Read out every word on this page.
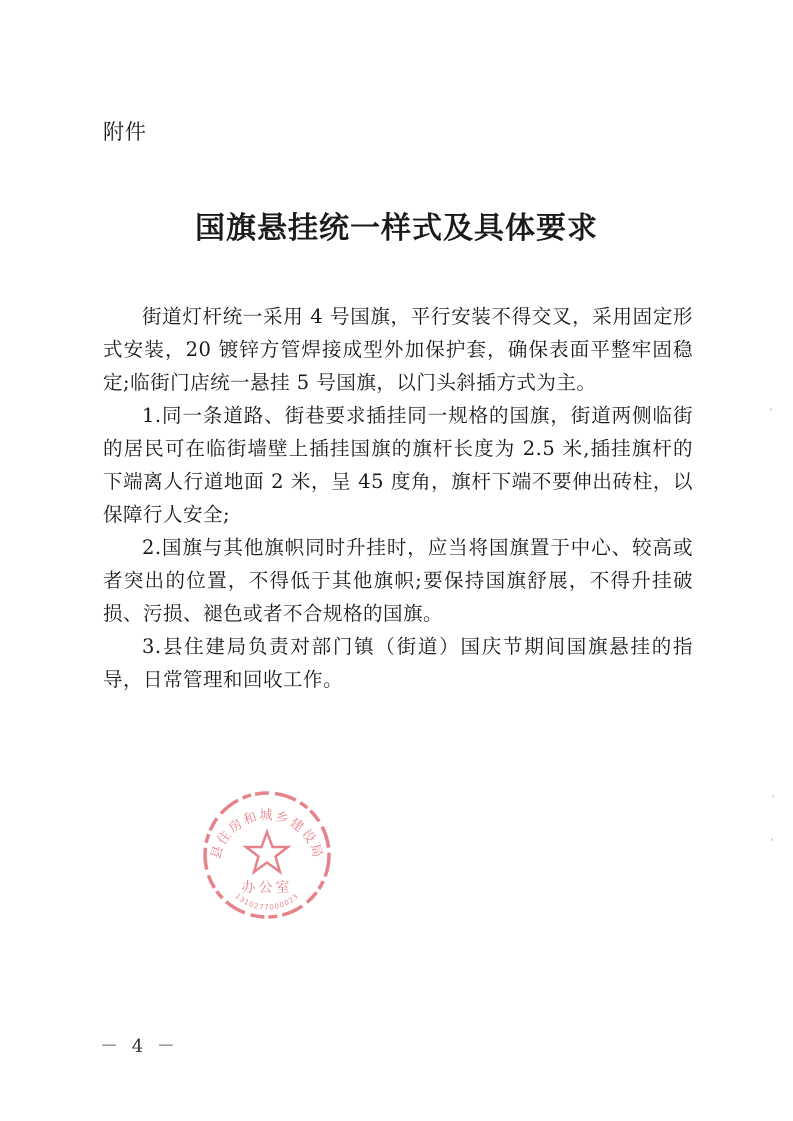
附件
国旗悬挂统一样式及具体要求

街道灯杆统一采用 4 号国旗，平行安装不得交叉，采用固定形式安装，20 镀锌方管焊接成型外加保护套，确保表面平整牢固稳定;临街门店统一悬挂 5 号国旗，以门头斜插方式为主。

1.同一条道路、街巷要求插挂同一规格的国旗，街道两侧临街的居民可在临街墙壁上插挂国旗的旗杆长度为 2.5 米,插挂旗杆的下端离人行道地面 2 米，呈 45 度角，旗杆下端不要伸出砖柱，以保障行人安全;

2.国旗与其他旗帜同时升挂时，应当将国旗置于中心、较高或者突出的位置，不得低于其他旗帜;要保持国旗舒展，不得升挂破损、污损、褪色或者不合规格的国旗。

3.县住建局负责对部门镇（街道）国庆节期间国旗悬挂的指导，日常管理和回收工作。

县住房和城乡建设局
办公室
1310277000023
－ 4 －
